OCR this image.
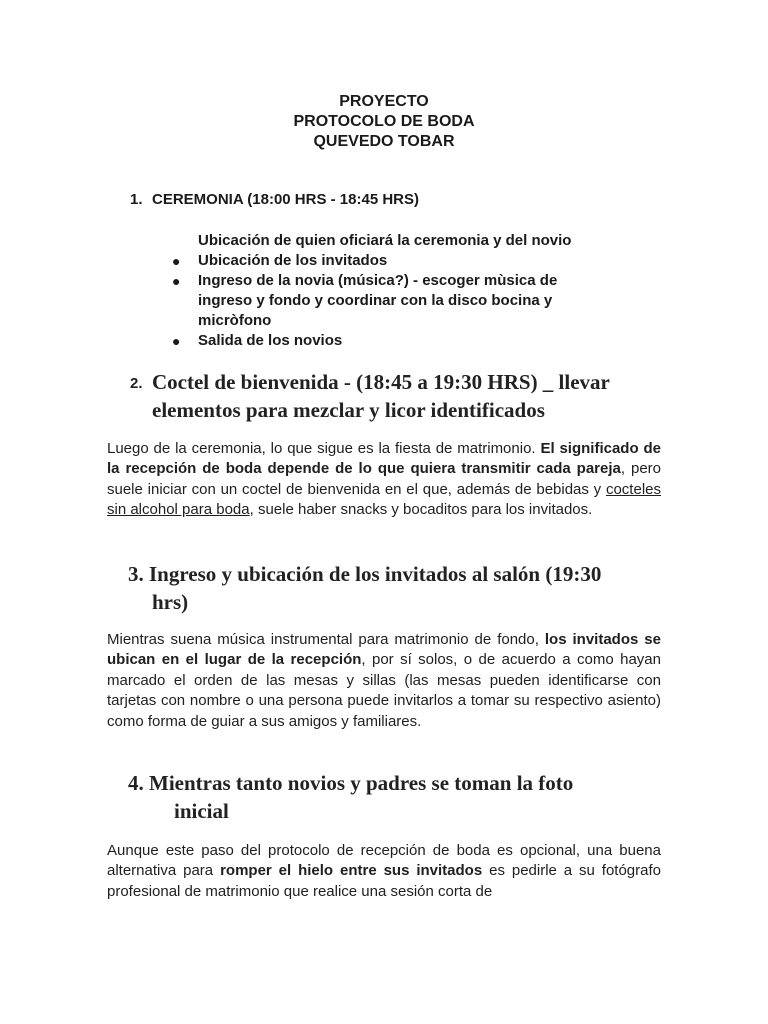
PROYECTO
PROTOCOLO DE BODA
QUEVEDO TOBAR
1. CEREMONIA (18:00 HRS - 18:45 HRS)
Ubicación de quien oficiará la ceremonia y del novio
● Ubicación de los invitados
● Ingreso de la novia (música?) - escoger mùsica de ingreso y fondo y coordinar con la disco bocina y micròfono
● Salida de los novios
2. Coctel de bienvenida - (18:45 a 19:30 HRS) _ llevar elementos para mezclar y licor identificados
Luego de la ceremonia, lo que sigue es la fiesta de matrimonio. El significado de la recepción de boda depende de lo que quiera transmitir cada pareja, pero suele iniciar con un coctel de bienvenida en el que, además de bebidas y cocteles sin alcohol para boda, suele haber snacks y bocaditos para los invitados.
3. Ingreso y ubicación de los invitados al salón (19:30
hrs)
Mientras suena música instrumental para matrimonio de fondo, los invitados se ubican en el lugar de la recepción, por sí solos, o de acuerdo a como hayan marcado el orden de las mesas y sillas (las mesas pueden identificarse con tarjetas con nombre o una persona puede invitarlos a tomar su respectivo asiento) como forma de guiar a sus amigos y familiares.
4. Mientras tanto novios y padres se toman la foto
inicial
Aunque este paso del protocolo de recepción de boda es opcional, una buena alternativa para romper el hielo entre sus invitados es pedirle a su fotógrafo profesional de matrimonio que realice una sesión corta de
